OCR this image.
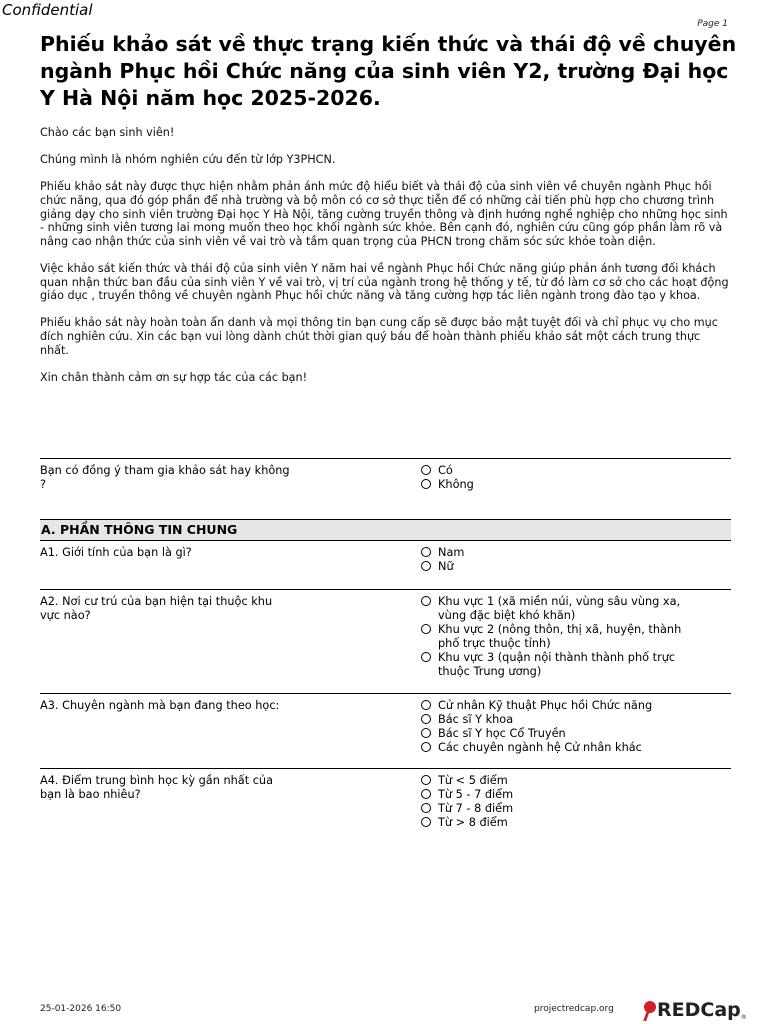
Confidential
Page 1
Phiếu khảo sát về thực trạng kiến thức và thái độ về chuyên ngành Phục hồi Chức năng của sinh viên Y2, trường Đại học Y Hà Nội năm học 2025-2026.

Chào các bạn sinh viên!

Chúng mình là nhóm nghiên cứu đến từ lớp Y3PHCN.

Phiếu khảo sát này được thực hiện nhằm phản ánh mức độ hiểu biết và thái độ của sinh viên về chuyên ngành Phục hồi chức năng, qua đó góp phần để nhà trường và bộ môn có cơ sở thực tiễn để có những cải tiến phù hợp cho chương trình giảng dạy cho sinh viên trường Đại học Y Hà Nội, tăng cường truyền thông và định hướng nghề nghiệp cho những học sinh - những sinh viên tương lai mong muốn theo học khối ngành sức khỏe. Bên cạnh đó, nghiên cứu cũng góp phần làm rõ và nâng cao nhận thức của sinh viên về vai trò và tầm quan trọng của PHCN trong chăm sóc sức khỏe toàn diện.

Việc khảo sát kiến thức và thái độ của sinh viên Y năm hai về ngành Phục hồi Chức năng giúp phản ánh tương đối khách quan nhận thức ban đầu của sinh viên Y về vai trò, vị trí của ngành trong hệ thống y tế, từ đó làm cơ sở cho các hoạt động giáo dục , truyền thông về chuyên ngành Phục hồi chức năng và tăng cường hợp tác liên ngành trong đào tạo y khoa.

Phiếu khảo sát này hoàn toàn ẩn danh và mọi thông tin bạn cung cấp sẽ được bảo mật tuyệt đối và chỉ phục vụ cho mục đích nghiên cứu. Xin các bạn vui lòng dành chút thời gian quý báu để hoàn thành phiếu khảo sát một cách trung thực nhất.

Xin chân thành cảm ơn sự hợp tác của các bạn!

Bạn có đồng ý tham gia khảo sát hay không ?
Có
Không
A. PHẦN THÔNG TIN CHUNG
A1. Giới tính của bạn là gì?	Nam
Nữ
A2. Nơi cư trú của bạn hiện tại thuộc khu vực nào?
Khu vực 1 (xã miền núi, vùng sâu vùng xa, vùng đặc biệt khó khăn)
Khu vực 2 (nông thôn, thị xã, huyện, thành phố trực thuộc tỉnh)
Khu vực 3 (quận nội thành thành phố trực thuộc Trung ương)
A3. Chuyên ngành mà bạn đang theo học:	Cử nhân Kỹ thuật Phục hồi Chức năng
Bác sĩ Y khoa
Bác sĩ Y học Cổ Truyền
Các chuyên ngành hệ Cử nhân khác
A4. Điểm trung bình học kỳ gần nhất của bạn là bao nhiêu?
Từ < 5 điểm
Từ 5 - 7 điểm
Từ 7 - 8 điểm
Từ > 8 điểm
25-01-2026 16:50	projectredcap.org REDCap ®
